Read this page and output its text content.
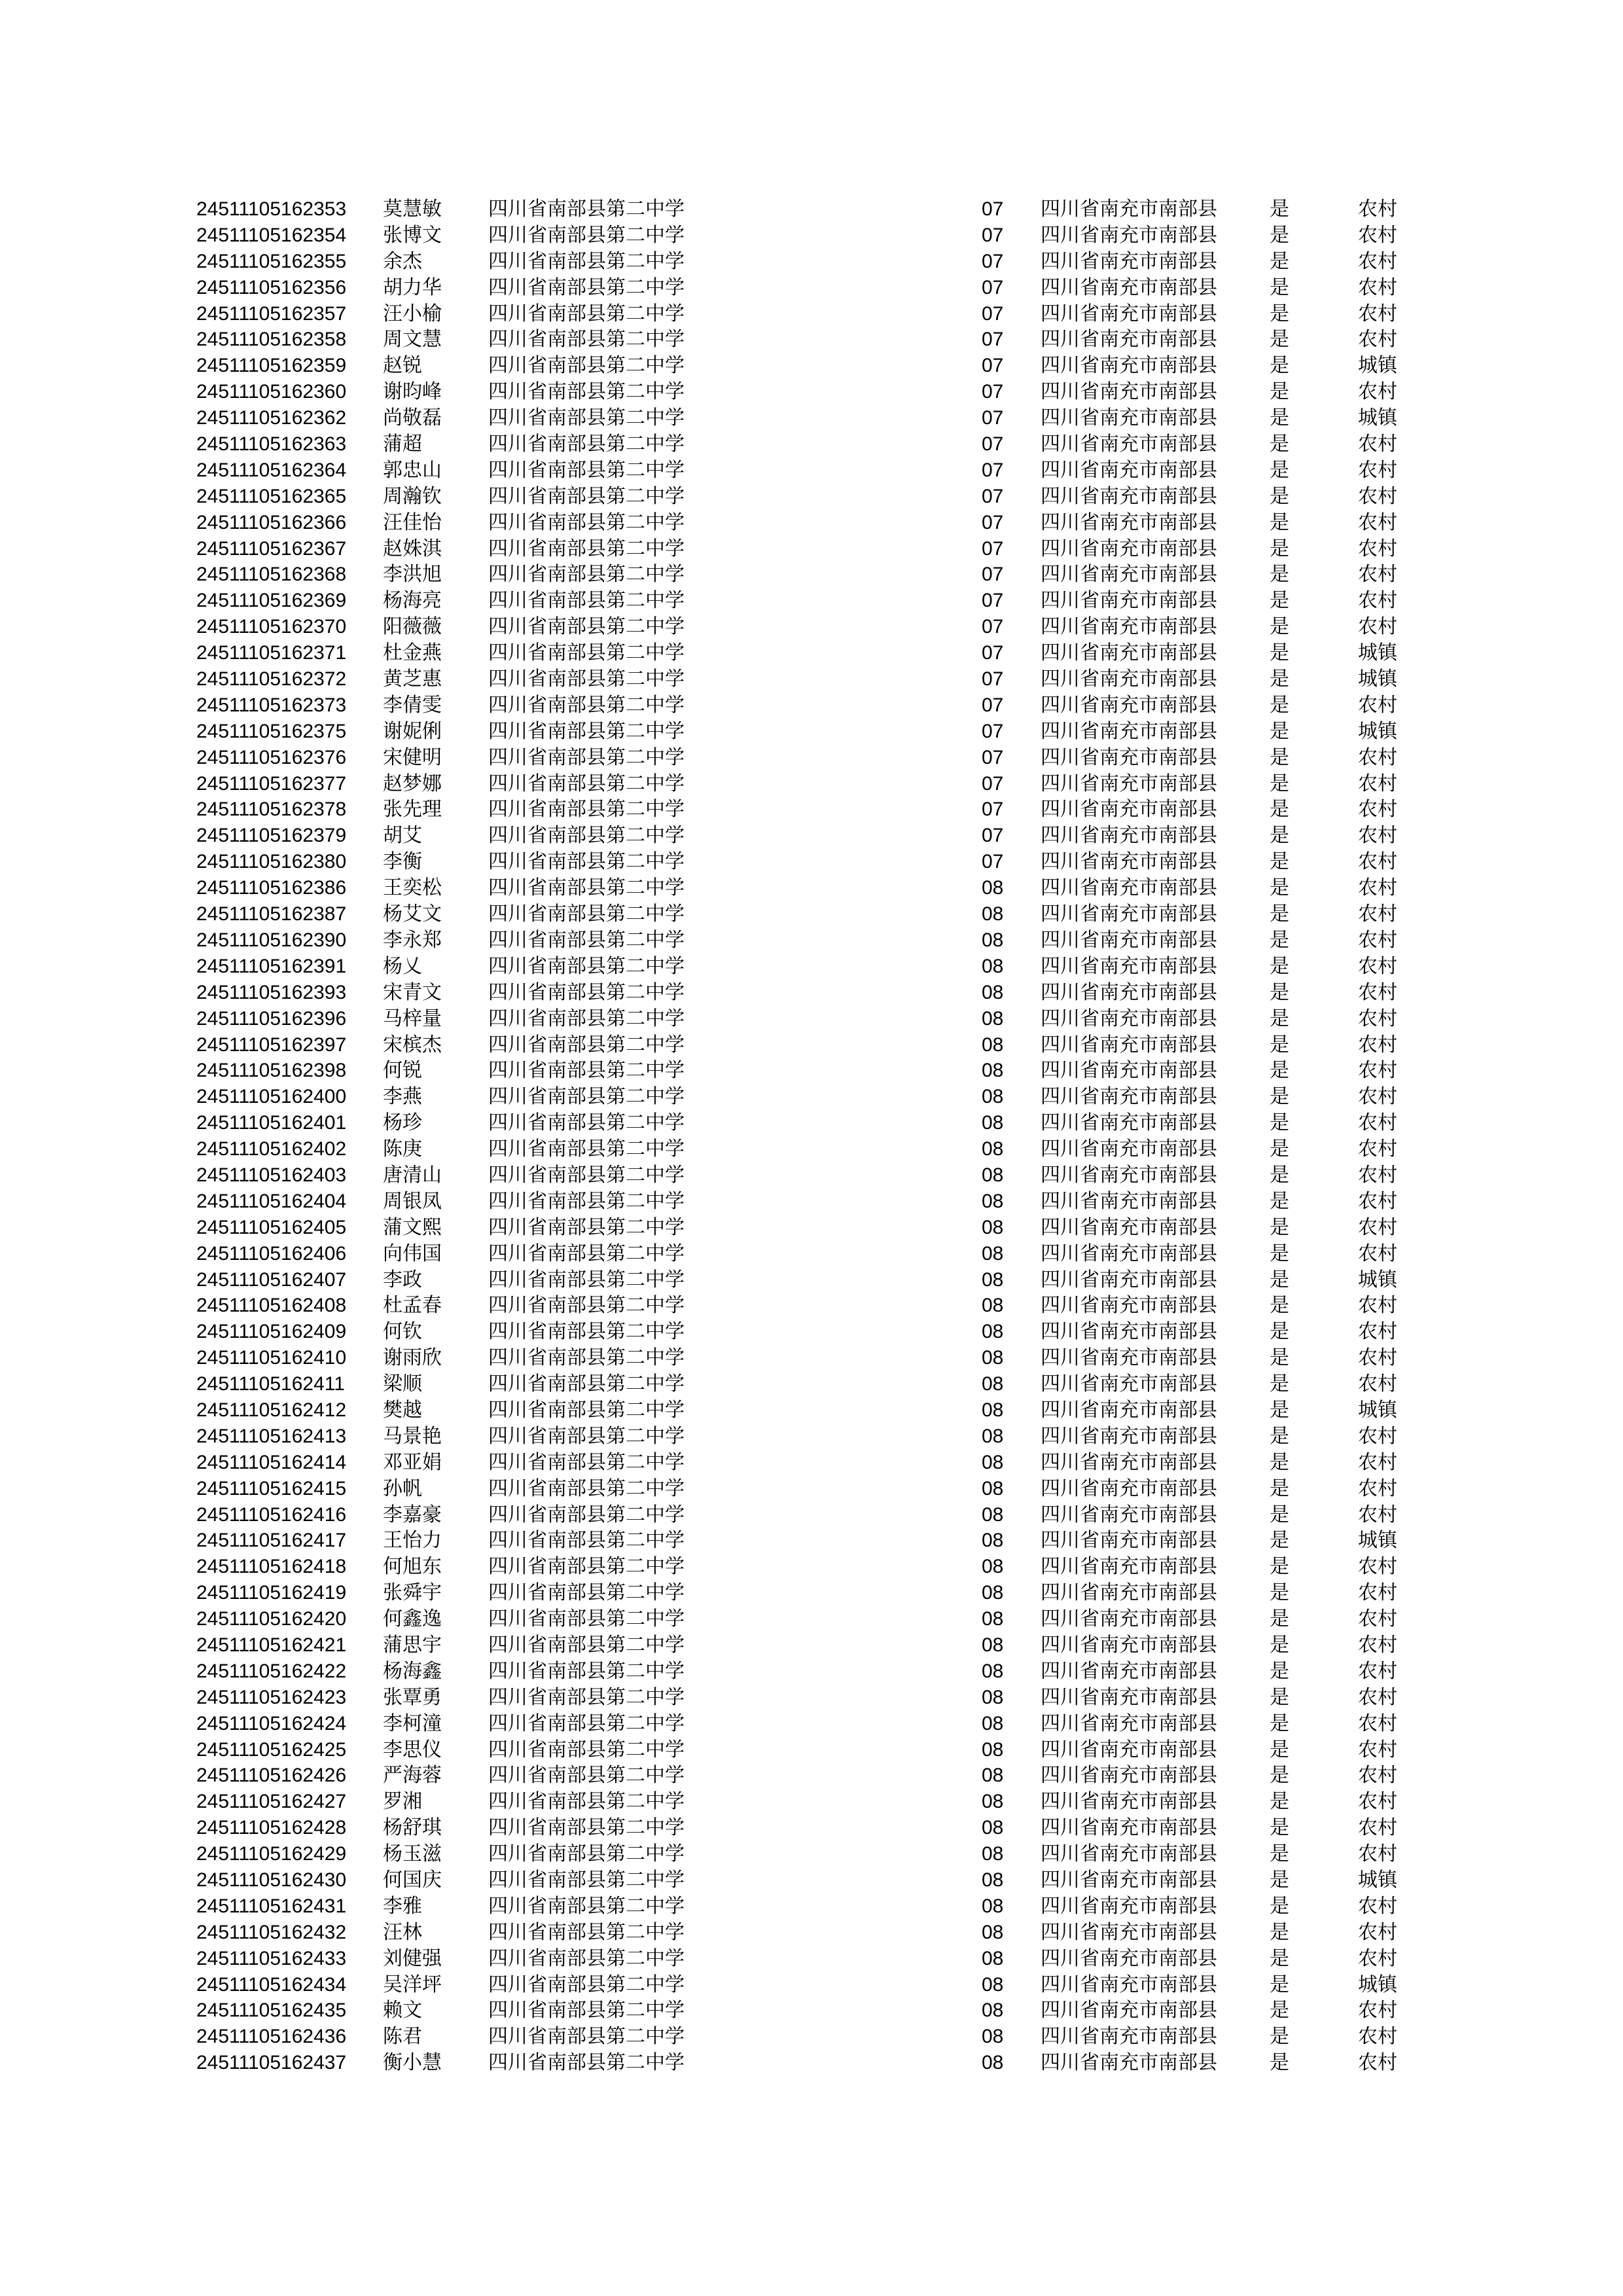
24511105162353 莫慧敏 四川省南部县第二中学	07 四川省南充市南部县	是	农村
24511105162354 张博文 四川省南部县第二中学	07 四川省南充市南部县	是	农村
24511105162355 余杰	四川省南部县第二中学	07 四川省南充市南部县	是	农村
24511105162356 胡力华 四川省南部县第二中学	07 四川省南充市南部县	是	农村
24511105162357 汪小榆 四川省南部县第二中学	07 四川省南充市南部县	是	农村
24511105162358 周文慧 四川省南部县第二中学	07 四川省南充市南部县	是	农村
24511105162359 赵锐	四川省南部县第二中学	07 四川省南充市南部县	是	城镇
24511105162360 谢昀峰 四川省南部县第二中学	07 四川省南充市南部县	是	农村
24511105162362 尚敬磊 四川省南部县第二中学	07 四川省南充市南部县	是	城镇
24511105162363 蒲超	四川省南部县第二中学	07 四川省南充市南部县	是	农村
24511105162364 郭忠山 四川省南部县第二中学	07 四川省南充市南部县	是	农村
24511105162365 周瀚钦 四川省南部县第二中学	07 四川省南充市南部县	是	农村
24511105162366 汪佳怡 四川省南部县第二中学	07 四川省南充市南部县	是	农村
24511105162367 赵姝淇 四川省南部县第二中学	07 四川省南充市南部县	是	农村
24511105162368 李洪旭 四川省南部县第二中学	07 四川省南充市南部县	是	农村
24511105162369 杨海亮 四川省南部县第二中学	07 四川省南充市南部县	是	农村
24511105162370 阳薇薇 四川省南部县第二中学	07 四川省南充市南部县	是	农村
24511105162371 杜金燕 四川省南部县第二中学	07 四川省南充市南部县	是	城镇
24511105162372 黄芝惠 四川省南部县第二中学	07 四川省南充市南部县	是	城镇
24511105162373 李倩雯 四川省南部县第二中学	07 四川省南充市南部县	是	农村
24511105162375 谢妮俐 四川省南部县第二中学	07 四川省南充市南部县	是	城镇
24511105162376 宋健明 四川省南部县第二中学	07 四川省南充市南部县	是	农村
24511105162377 赵梦娜 四川省南部县第二中学	07 四川省南充市南部县	是	农村
24511105162378 张先理 四川省南部县第二中学	07 四川省南充市南部县	是	农村
24511105162379 胡艾	四川省南部县第二中学	07 四川省南充市南部县	是	农村
24511105162380 李衡	四川省南部县第二中学	07 四川省南充市南部县	是	农村
24511105162386 王奕松 四川省南部县第二中学	08 四川省南充市南部县	是	农村
24511105162387 杨艾文 四川省南部县第二中学	08 四川省南充市南部县	是	农村
24511105162390 李永郑 四川省南部县第二中学	08 四川省南充市南部县	是	农村
24511105162391 杨乂	四川省南部县第二中学	08 四川省南充市南部县	是	农村
24511105162393 宋青文 四川省南部县第二中学	08 四川省南充市南部县	是	农村
24511105162396 马梓量 四川省南部县第二中学	08 四川省南充市南部县	是	农村
24511105162397 宋槟杰 四川省南部县第二中学	08 四川省南充市南部县	是	农村
24511105162398 何锐	四川省南部县第二中学	08 四川省南充市南部县	是	农村
24511105162400 李燕	四川省南部县第二中学	08 四川省南充市南部县	是	农村
24511105162401 杨珍	四川省南部县第二中学	08 四川省南充市南部县	是	农村
24511105162402 陈庚	四川省南部县第二中学	08 四川省南充市南部县	是	农村
24511105162403 唐清山 四川省南部县第二中学	08 四川省南充市南部县	是	农村
24511105162404 周银凤 四川省南部县第二中学	08 四川省南充市南部县	是	农村
24511105162405 蒲文熙 四川省南部县第二中学	08 四川省南充市南部县	是	农村
24511105162406 向伟国 四川省南部县第二中学	08 四川省南充市南部县	是	农村
24511105162407 李政	四川省南部县第二中学	08 四川省南充市南部县	是	城镇
24511105162408 杜孟春 四川省南部县第二中学	08 四川省南充市南部县	是	农村
24511105162409 何钦	四川省南部县第二中学	08 四川省南充市南部县	是	农村
24511105162410 谢雨欣 四川省南部县第二中学	08 四川省南充市南部县	是	农村
24511105162411 梁顺	四川省南部县第二中学	08 四川省南充市南部县	是	农村
24511105162412 樊越	四川省南部县第二中学	08 四川省南充市南部县	是	城镇
24511105162413 马景艳 四川省南部县第二中学	08 四川省南充市南部县	是	农村
24511105162414 邓亚娟 四川省南部县第二中学	08 四川省南充市南部县	是	农村
24511105162415 孙帆	四川省南部县第二中学	08 四川省南充市南部县	是	农村
24511105162416 李嘉豪 四川省南部县第二中学	08 四川省南充市南部县	是	农村
24511105162417 王怡力 四川省南部县第二中学	08 四川省南充市南部县	是	城镇
24511105162418 何旭东 四川省南部县第二中学	08 四川省南充市南部县	是	农村
24511105162419 张舜宇 四川省南部县第二中学	08 四川省南充市南部县	是	农村
24511105162420 何鑫逸 四川省南部县第二中学	08 四川省南充市南部县	是	农村
24511105162421 蒲思宇 四川省南部县第二中学	08 四川省南充市南部县	是	农村
24511105162422 杨海鑫 四川省南部县第二中学	08 四川省南充市南部县	是	农村
24511105162423 张覃勇 四川省南部县第二中学	08 四川省南充市南部县	是	农村
24511105162424 李柯潼 四川省南部县第二中学	08 四川省南充市南部县	是	农村
24511105162425 李思仪 四川省南部县第二中学	08 四川省南充市南部县	是	农村
24511105162426 严海蓉 四川省南部县第二中学	08 四川省南充市南部县	是	农村
24511105162427 罗湘	四川省南部县第二中学	08 四川省南充市南部县	是	农村
24511105162428 杨舒琪 四川省南部县第二中学	08 四川省南充市南部县	是	农村
24511105162429 杨玉滋 四川省南部县第二中学	08 四川省南充市南部县	是	农村
24511105162430 何国庆 四川省南部县第二中学	08 四川省南充市南部县	是	城镇
24511105162431 李雅	四川省南部县第二中学	08 四川省南充市南部县	是	农村
24511105162432 汪林	四川省南部县第二中学	08 四川省南充市南部县	是	农村
24511105162433 刘健强 四川省南部县第二中学	08 四川省南充市南部县	是	农村
24511105162434 吴洋坪 四川省南部县第二中学	08 四川省南充市南部县	是	城镇
24511105162435 赖文	四川省南部县第二中学	08 四川省南充市南部县	是	农村
24511105162436 陈君	四川省南部县第二中学	08 四川省南充市南部县	是	农村
24511105162437 衡小慧 四川省南部县第二中学	08 四川省南充市南部县	是	农村
